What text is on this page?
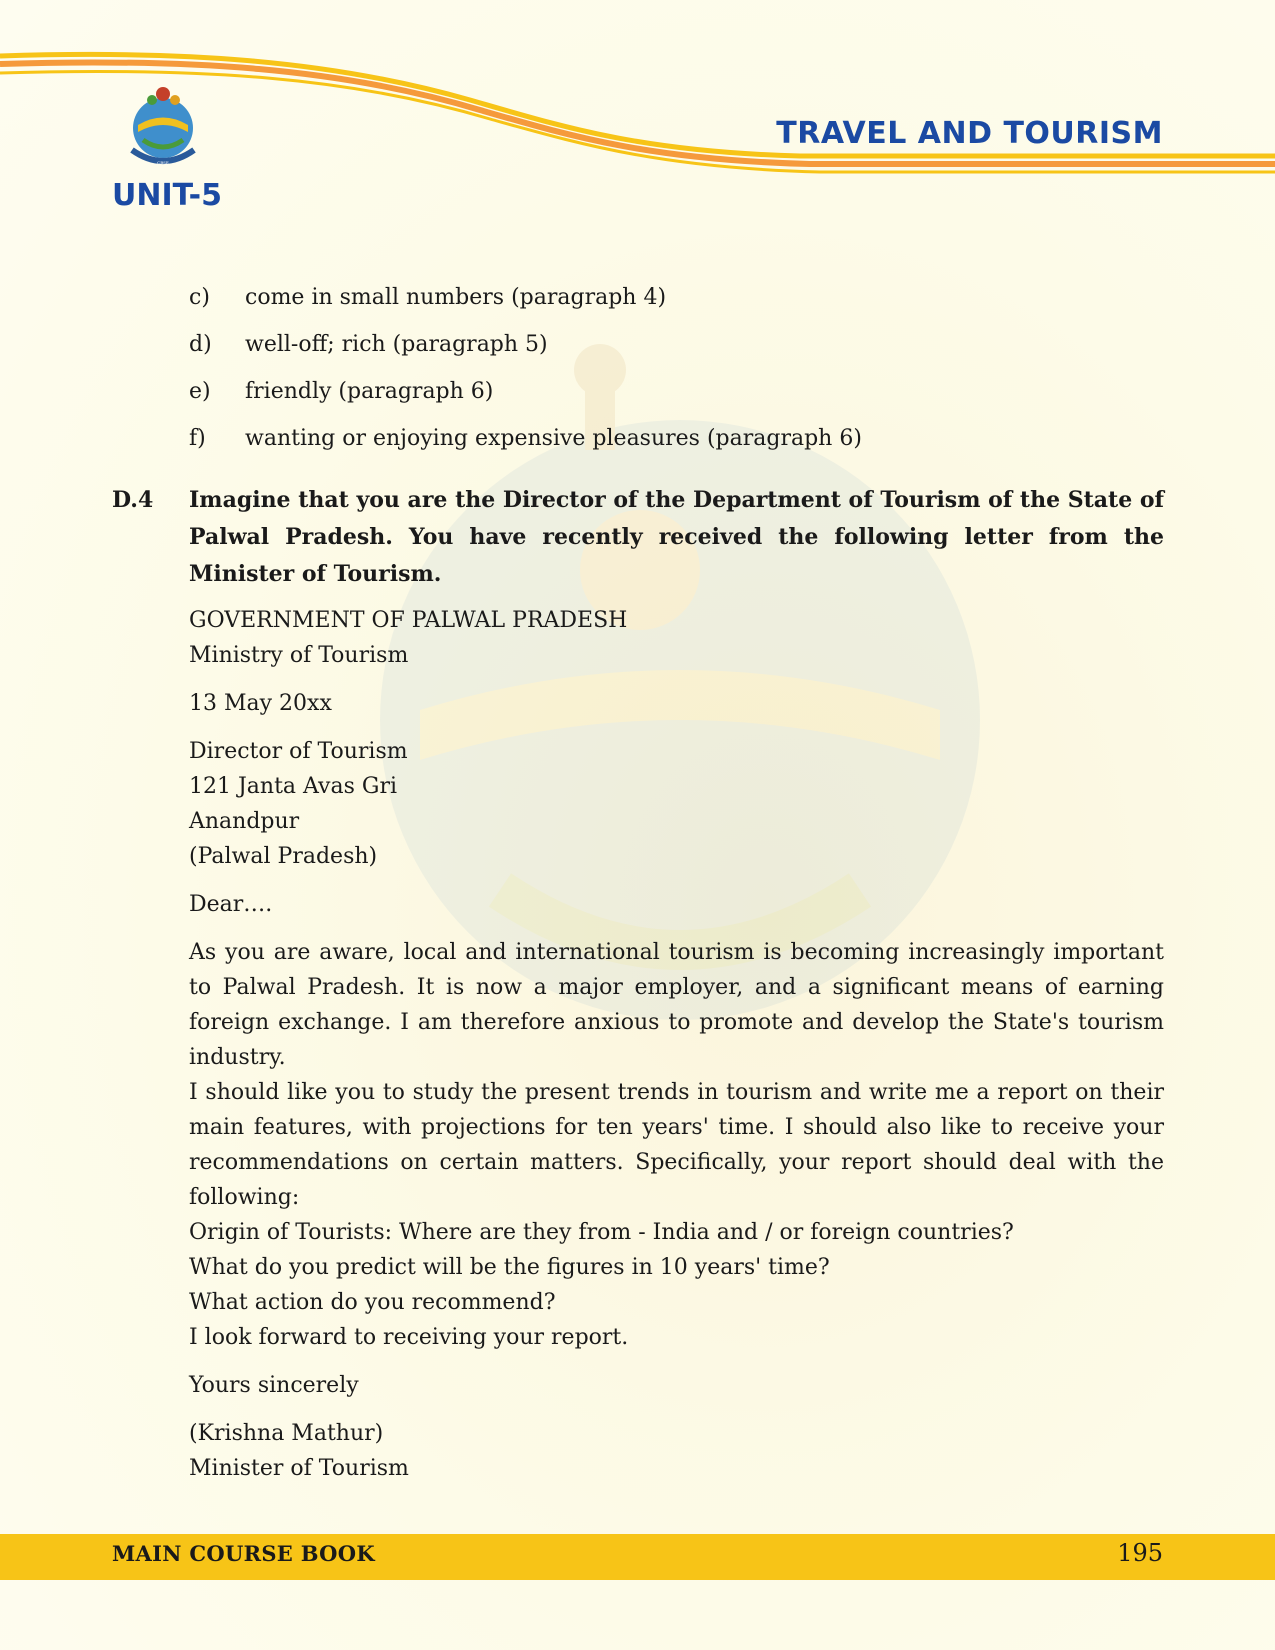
CBSE
UNIT-5
TRAVEL AND TOURISM
c)	come in small numbers (paragraph 4)
d)	well-off; rich (paragraph 5)
e)	friendly (paragraph 6)
f)	wanting or enjoying expensive pleasures (paragraph 6)
D.4 Imagine that you are the Director of the Department of Tourism of the State of Palwal Pradesh. You have recently received the following letter from the Minister of Tourism.

GOVERNMENT OF PALWAL PRADESH

Ministry of Tourism

13 May 20xx

Director of Tourism

121 Janta Avas Gri

Anandpur

(Palwal Pradesh)

Dear….

As you are aware, local and international tourism is becoming increasingly important to Palwal Pradesh. It is now a major employer, and a significant means of earning foreign exchange. I am therefore anxious to promote and develop the State's tourism industry.

I should like you to study the present trends in tourism and write me a report on their main features, with projections for ten years' time. I should also like to receive your recommendations on certain matters. Specifically, your report should deal with the following:

Origin of Tourists: Where are they from - India and / or foreign countries?

What do you predict will be the figures in 10 years' time?

What action do you recommend?

I look forward to receiving your report.

Yours sincerely

(Krishna Mathur)

Minister of Tourism

MAIN COURSE BOOK	195
